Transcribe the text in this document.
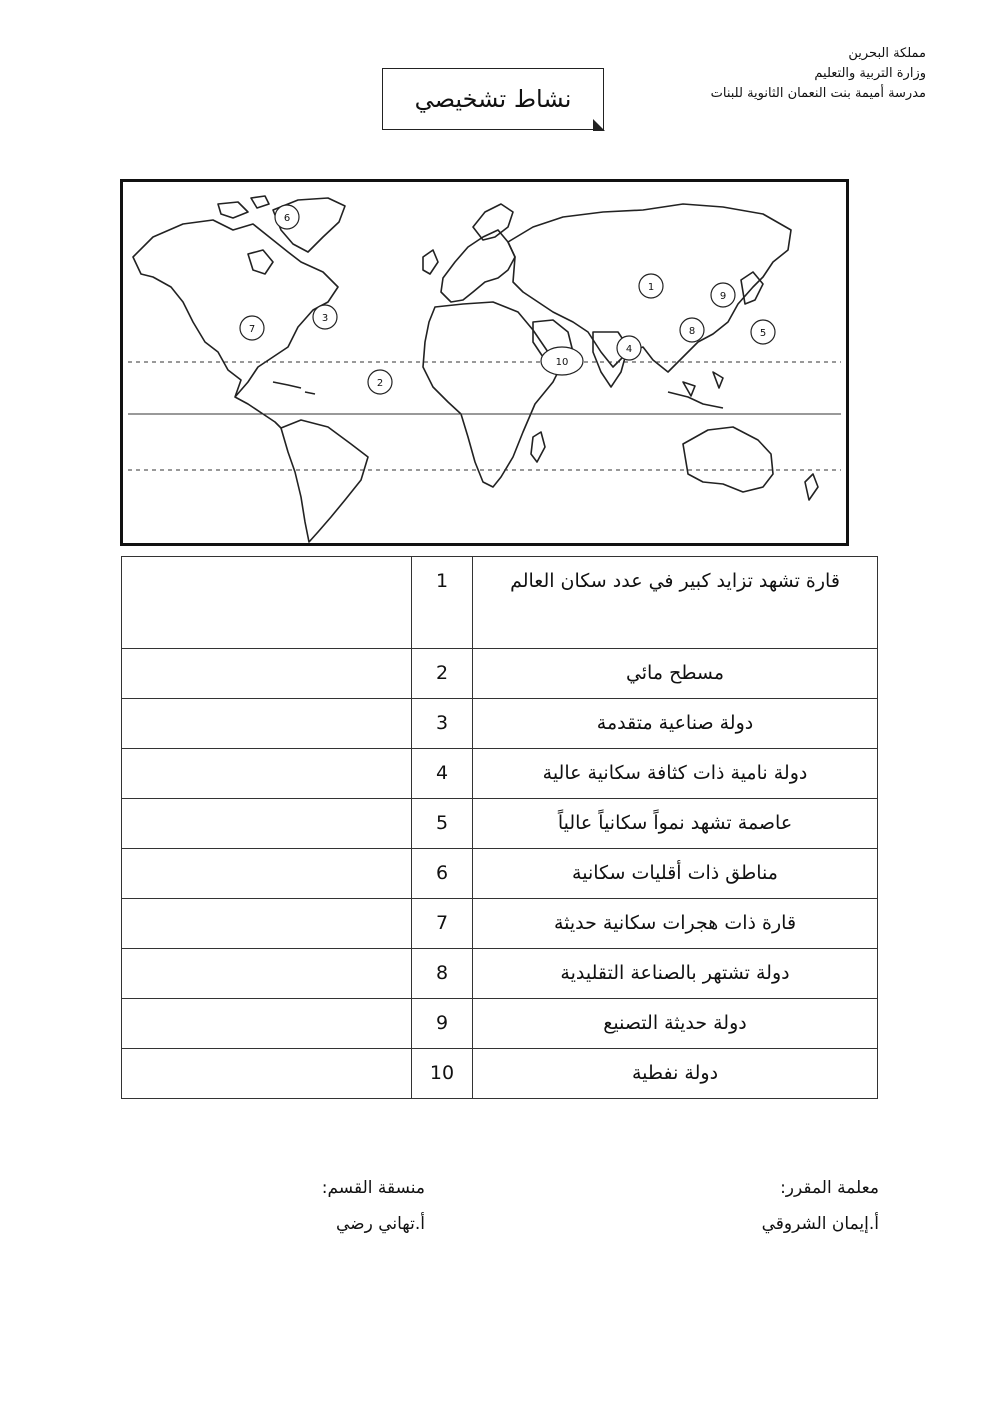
مملكة البحرين
وزارة التربية والتعليم
مدرسة أميمة بنت النعمان الثانوية للبنات
نشاط تشخيصي
1
2
3
4
5
6
7	8
9
10
قارة تشهد تزايد كبير في عدد سكان العالم	1	
مسطح مائي	2	
دولة صناعية متقدمة	3	
دولة نامية ذات كثافة سكانية عالية	4	
عاصمة تشهد نمواً سكانياً عالياً	5	
مناطق ذات أقليات سكانية	6	
قارة ذات هجرات سكانية حديثة	7	
دولة تشتهر بالصناعة التقليدية	8	
دولة حديثة التصنيع	9	
دولة نفطية	10	
معلمة المقرر:
أ.إيمان الشروقي
منسقة القسم:
أ.تهاني رضي
